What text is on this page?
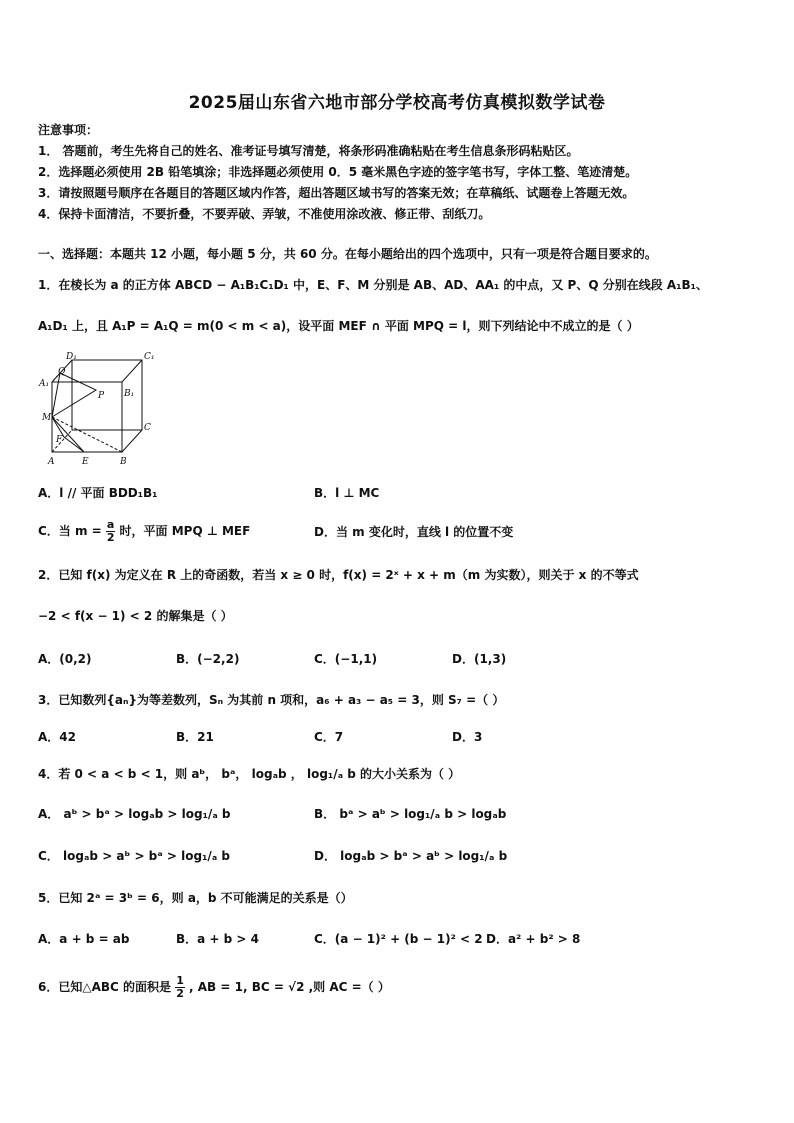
2025届山东省六地市部分学校高考仿真模拟数学试卷
注意事项：
1． 答题前，考生先将自己的姓名、准考证号填写清楚，将条形码准确粘贴在考生信息条形码粘贴区。
2．选择题必须使用 2B 铅笔填涂；非选择题必须使用 0．5 毫米黑色字迹的签字笔书写，字体工整、笔迹清楚。
3．请按照题号顺序在各题目的答题区域内作答，超出答题区域书写的答案无效；在草稿纸、试题卷上答题无效。
4．保持卡面清洁，不要折叠，不要弄破、弄皱，不准使用涂改液、修正带、刮纸刀。
一、选择题：本题共 12 小题，每小题 5 分，共 60 分。在每小题给出的四个选项中，只有一项是符合题目要求的。
1．在棱长为 a 的正方体 ABCD − A₁B₁C₁D₁ 中，E、F、M 分别是 AB、AD、AA₁ 的中点，又 P、Q 分别在线段 A₁B₁、
A₁D₁ 上，且 A₁P = A₁Q = m(0 < m < a)，设平面 MEF ∩ 平面 MPQ = l，则下列结论中不成立的是（ ）
D₁	C₁
Q
A₁
P B₁
M
C
F
A	E	B
A．l // 平面 BDD₁B₁	B．l ⊥ MC
C．当 $m = \frac{a}{2}$ 时，平面 MPQ ⊥ MEF	D．当 m 变化时，直线 l 的位置不变
2．已知 f(x) 为定义在 R 上的奇函数，若当 x ≥ 0 时，f(x) = 2ˣ + x + m（m 为实数），则关于 x 的不等式
−2 < f(x − 1) < 2 的解集是（ ）
A．(0,2)	B．(−2,2)	C．(−1,1)	D．(1,3)
3．已知数列{aₙ}为等差数列，Sₙ 为其前 n 项和，a₆ + a₃ − a₅ = 3，则 S₇ =（ ）
A．42	B．21	C．7	D．3
4．若 0 < a < b < 1，则 aᵇ， bᵃ， logₐb ， log₁/ₐ b 的大小关系为（ ）
A． aᵇ > bᵃ > logₐb > log₁/ₐ b	B． bᵃ > aᵇ > log₁/ₐ b > logₐb
C． logₐb > aᵇ > bᵃ > log₁/ₐ b	D． logₐb > bᵃ > aᵇ > log₁/ₐ b
5．已知 2ᵃ = 3ᵇ = 6，则 a，b 不可能满足的关系是（）
A．a + b = ab	B．a + b > 4	C．(a − 1)² + (b − 1)² < 2 D．a² + b² > 8
6．已知△ABC 的面积是 $\frac{1}{2}$ , AB = 1, BC = √2 ,则 AC =（ ）
